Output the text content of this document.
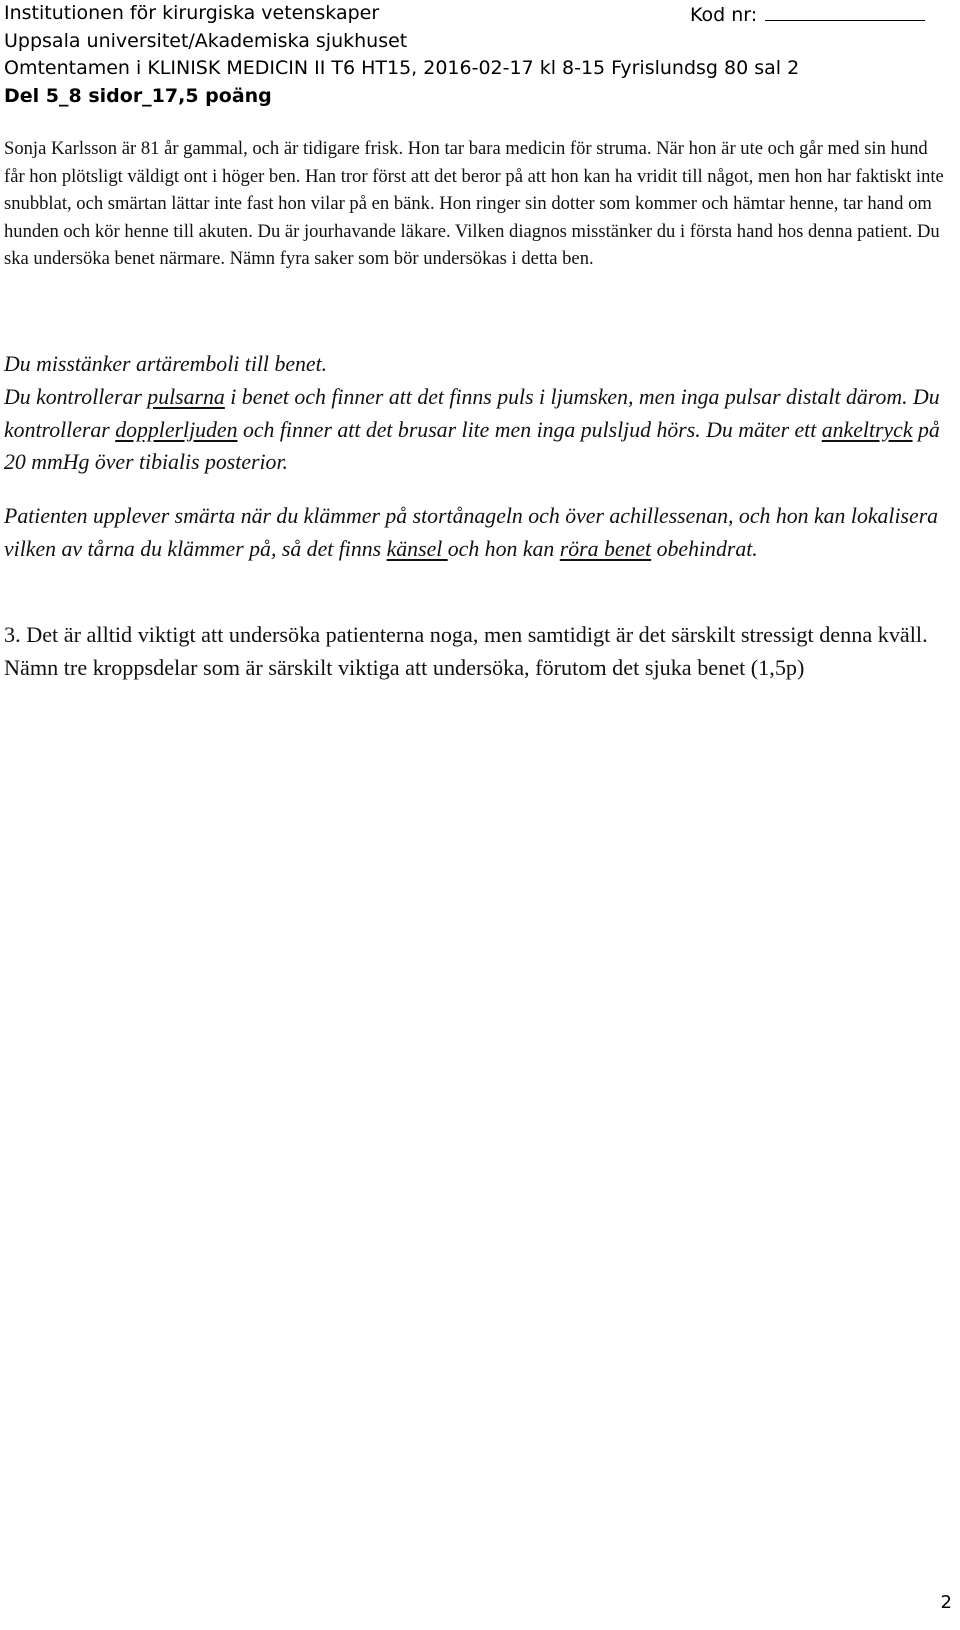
Institutionen för kirurgiska vetenskaper	Kod nr:
Uppsala universitet/Akademiska sjukhuset
Omtentamen i KLINISK MEDICIN II T6 HT15, 2016-02-17 kl 8-15 Fyrislundsg 80 sal 2
Del 5_8 sidor_17,5 poäng
Sonja Karlsson är 81 år gammal, och är tidigare frisk. Hon tar bara medicin för struma. När hon är ute och går med sin hund får hon plötsligt väldigt ont i höger ben. Han tror först att det beror på att hon kan ha vridit till något, men hon har faktiskt inte snubblat, och smärtan lättar inte fast hon vilar på en bänk. Hon ringer sin dotter som kommer och hämtar henne, tar hand om hunden och kör henne till akuten. Du är jourhavande läkare. Vilken diagnos misstänker du i första hand hos denna patient. Du ska undersöka benet närmare. Nämn fyra saker som bör undersökas i detta ben.
Du misstänker artäremboli till benet.
Du kontrollerar pulsarna i benet och finner att det finns puls i ljumsken, men inga pulsar distalt därom. Du kontrollerar dopplerljuden och finner att det brusar lite men inga pulsljud hörs. Du mäter ett ankeltryck på 20 mmHg över tibialis posterior.
Patienten upplever smärta när du klämmer på stortånageln och över achillessenan, och hon kan lokalisera vilken av tårna du klämmer på, så det finns känsel och hon kan röra benet obehindrat.
3. Det är alltid viktigt att undersöka patienterna noga, men samtidigt är det särskilt stressigt denna kväll. Nämn tre kroppsdelar som är särskilt viktiga att undersöka, förutom det sjuka benet (1,5p)
2
